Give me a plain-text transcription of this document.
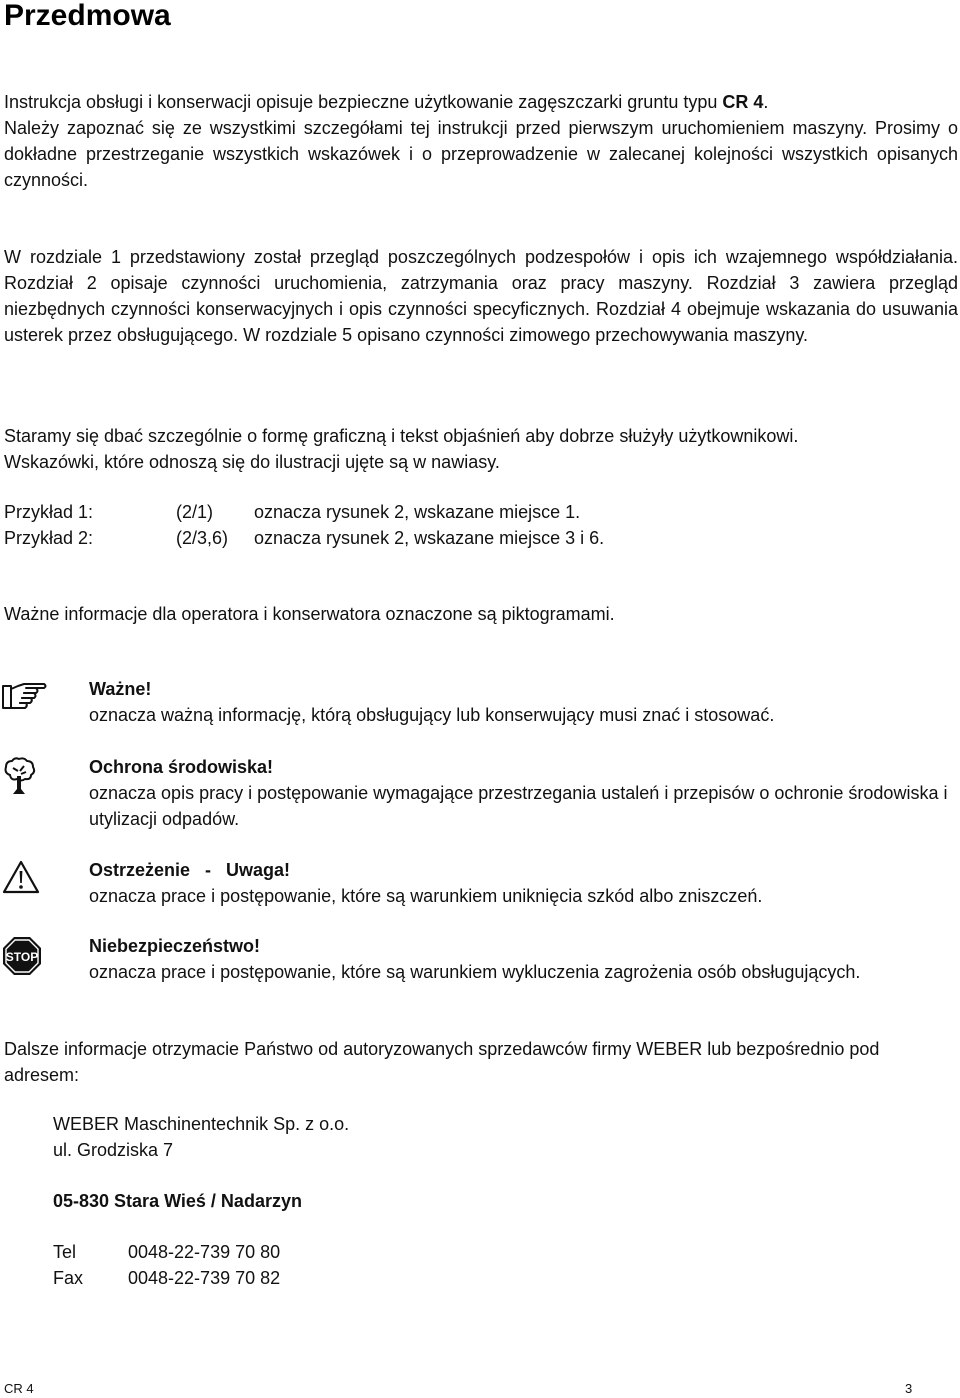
Przedmowa
Instrukcja obsługi i konserwacji opisuje bezpieczne użytkowanie zagęszczarki gruntu typu CR 4.
Należy zapoznać się ze wszystkimi szczegółami tej instrukcji przed pierwszym uruchomieniem maszyny. Prosimy o dokładne przestrzeganie wszystkich wskazówek i o przeprowadzenie w zalecanej kolejności wszystkich opisanych czynności.
W rozdziale 1 przedstawiony został przegląd poszczególnych podzespołów i opis ich wzajemnego współdziałania. Rozdział 2 opisaje czynności uruchomienia, zatrzymania oraz pracy maszyny. Rozdział 3 zawiera przegląd niezbędnych czynności konserwacyjnych i opis czynności specyficznych. Rozdział 4 obejmuje wskazania do usuwania usterek przez obsługującego. W rozdziale 5 opisano czynności zimowego przechowywania maszyny.
Staramy się dbać szczególnie o formę graficzną i tekst objaśnień aby dobrze służyły użytkownikowi.
Wskazówki, które odnoszą się do ilustracji ujęte są w nawiasy.
Przykład 1:	(2/1) oznacza rysunek 2, wskazane miejsce 1.
Przykład 2:	(2/3,6) oznacza rysunek 2, wskazane miejsce 3 i 6.
Ważne informacje dla operatora i konserwatora oznaczone są piktogramami.
Ważne!
oznacza ważną informację, którą obsługujący lub konserwujący musi znać i stosować.
Ochrona środowiska!
oznacza opis pracy i postępowanie wymagające przestrzegania ustaleń i przepisów o ochronie środowiska i utylizacji odpadów.
Ostrzeżenie   -   Uwaga!
oznacza prace i postępowanie, które są warunkiem uniknięcia szkód albo zniszczeń.
STOP
Niebezpieczeństwo!
oznacza prace i postępowanie, które są warunkiem wykluczenia zagrożenia osób obsługujących.
Dalsze informacje otrzymacie Państwo od autoryzowanych sprzedawców firmy WEBER lub bezpośrednio pod adresem:
WEBER Maschinentechnik Sp. z o.o.
ul. Grodziska 7
05-830 Stara Wieś / Nadarzyn
Tel	0048-22-739 70 80
Fax 0048-22-739 70 82
CR 4	3
